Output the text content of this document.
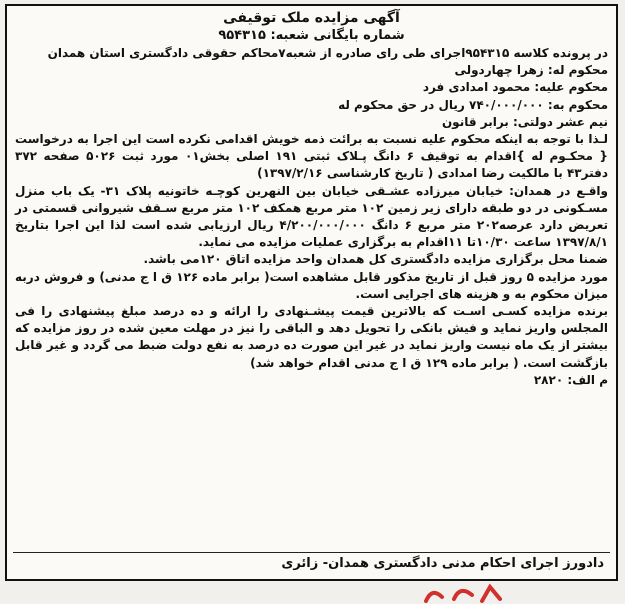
آگهی مزایده ملک توقیفی
شماره بایگانی شعبه: ۹۵۴۳۱۵

در پرونده کلاسه ۹۵۴۳۱۵اجرای طی رای صادره از شعبه۷محاکم حقوقی دادگستری استان همدان

محکوم له: زهرا چهاردولی

محکوم علیه: محمود امدادی فرد

محکوم به: ۷۴۰/۰۰۰/۰۰۰ ریال در حق محکوم له

نیم عشر دولتی: برابر قانون

لـذا با توجه به اینکه محکوم علیه نسبت به برائت ذمه خویش اقدامی نکرده است این اجرا به درخواست { محکـوم له }اقدام به توقیف ۶ دانگ پـلاک ثبتی ۱۹۱ اصلی بخش۰۱ مورد ثبت ۵۰۲۶ صفحه ۳۷۲ دفتر۴۳ با مالکیت رضا امدادی ( تاریخ کارشناسی ۱۳۹۷/۲/۱۶)

واقـع در همدان: خیابان میرزاده عشـقی خیابان بین النهرین کوچـه خاتونیه پلاک ۳۱- یک باب منزل مسـکونی در دو طبقه دارای زیر زمین ۱۰۲ متر مربع همکف ۱۰۲ متر مربع سـقف شیروانی قسمتی در تعریض دارد عرصه۲۰۲ متر مربع ۶ دانگ ۴/۲۰۰/۰۰۰/۰۰۰ ریال ارزیابی شده است لذا این اجرا بتاریخ ۱۳۹۷/۸/۱ ساعت ۱۰/۳۰تا ۱۱اقدام به برگزاری عملیات مزایده می نماید.

ضمنا محل برگزاری مزایده دادگستری کل همدان واحد مزایده اتاق ۱۲۰می باشد.

مورد مزایده ۵ روز قبل از تاریخ مذکور قابل مشاهده است( برابر ماده ۱۲۶ ق ا ج مدنی) و فروش دربه میزان محکوم به و هزینه های اجرایی است.

برنده مزایده کسـی اسـت که بالاترین قیمت پیشـنهادی را ارائه و ده درصد مبلغ پیشنهادی را فی المجلس واریز نماید و فیش بانکی را تحویل دهد و الباقی را نیز در مهلت معین شده در روز مزایده که بیشتر از یک ماه نیست واریز نماید در غیر این صورت ده درصد به نفع دولت ضبط می گردد و غیر قابل بازگشت است. ( برابر ماده ۱۲۹ ق ا ج مدنی اقدام خواهد شد)

م الف: ۲۸۲۰

دادورز اجرای احکام مدنی دادگستری همدان- زائری
